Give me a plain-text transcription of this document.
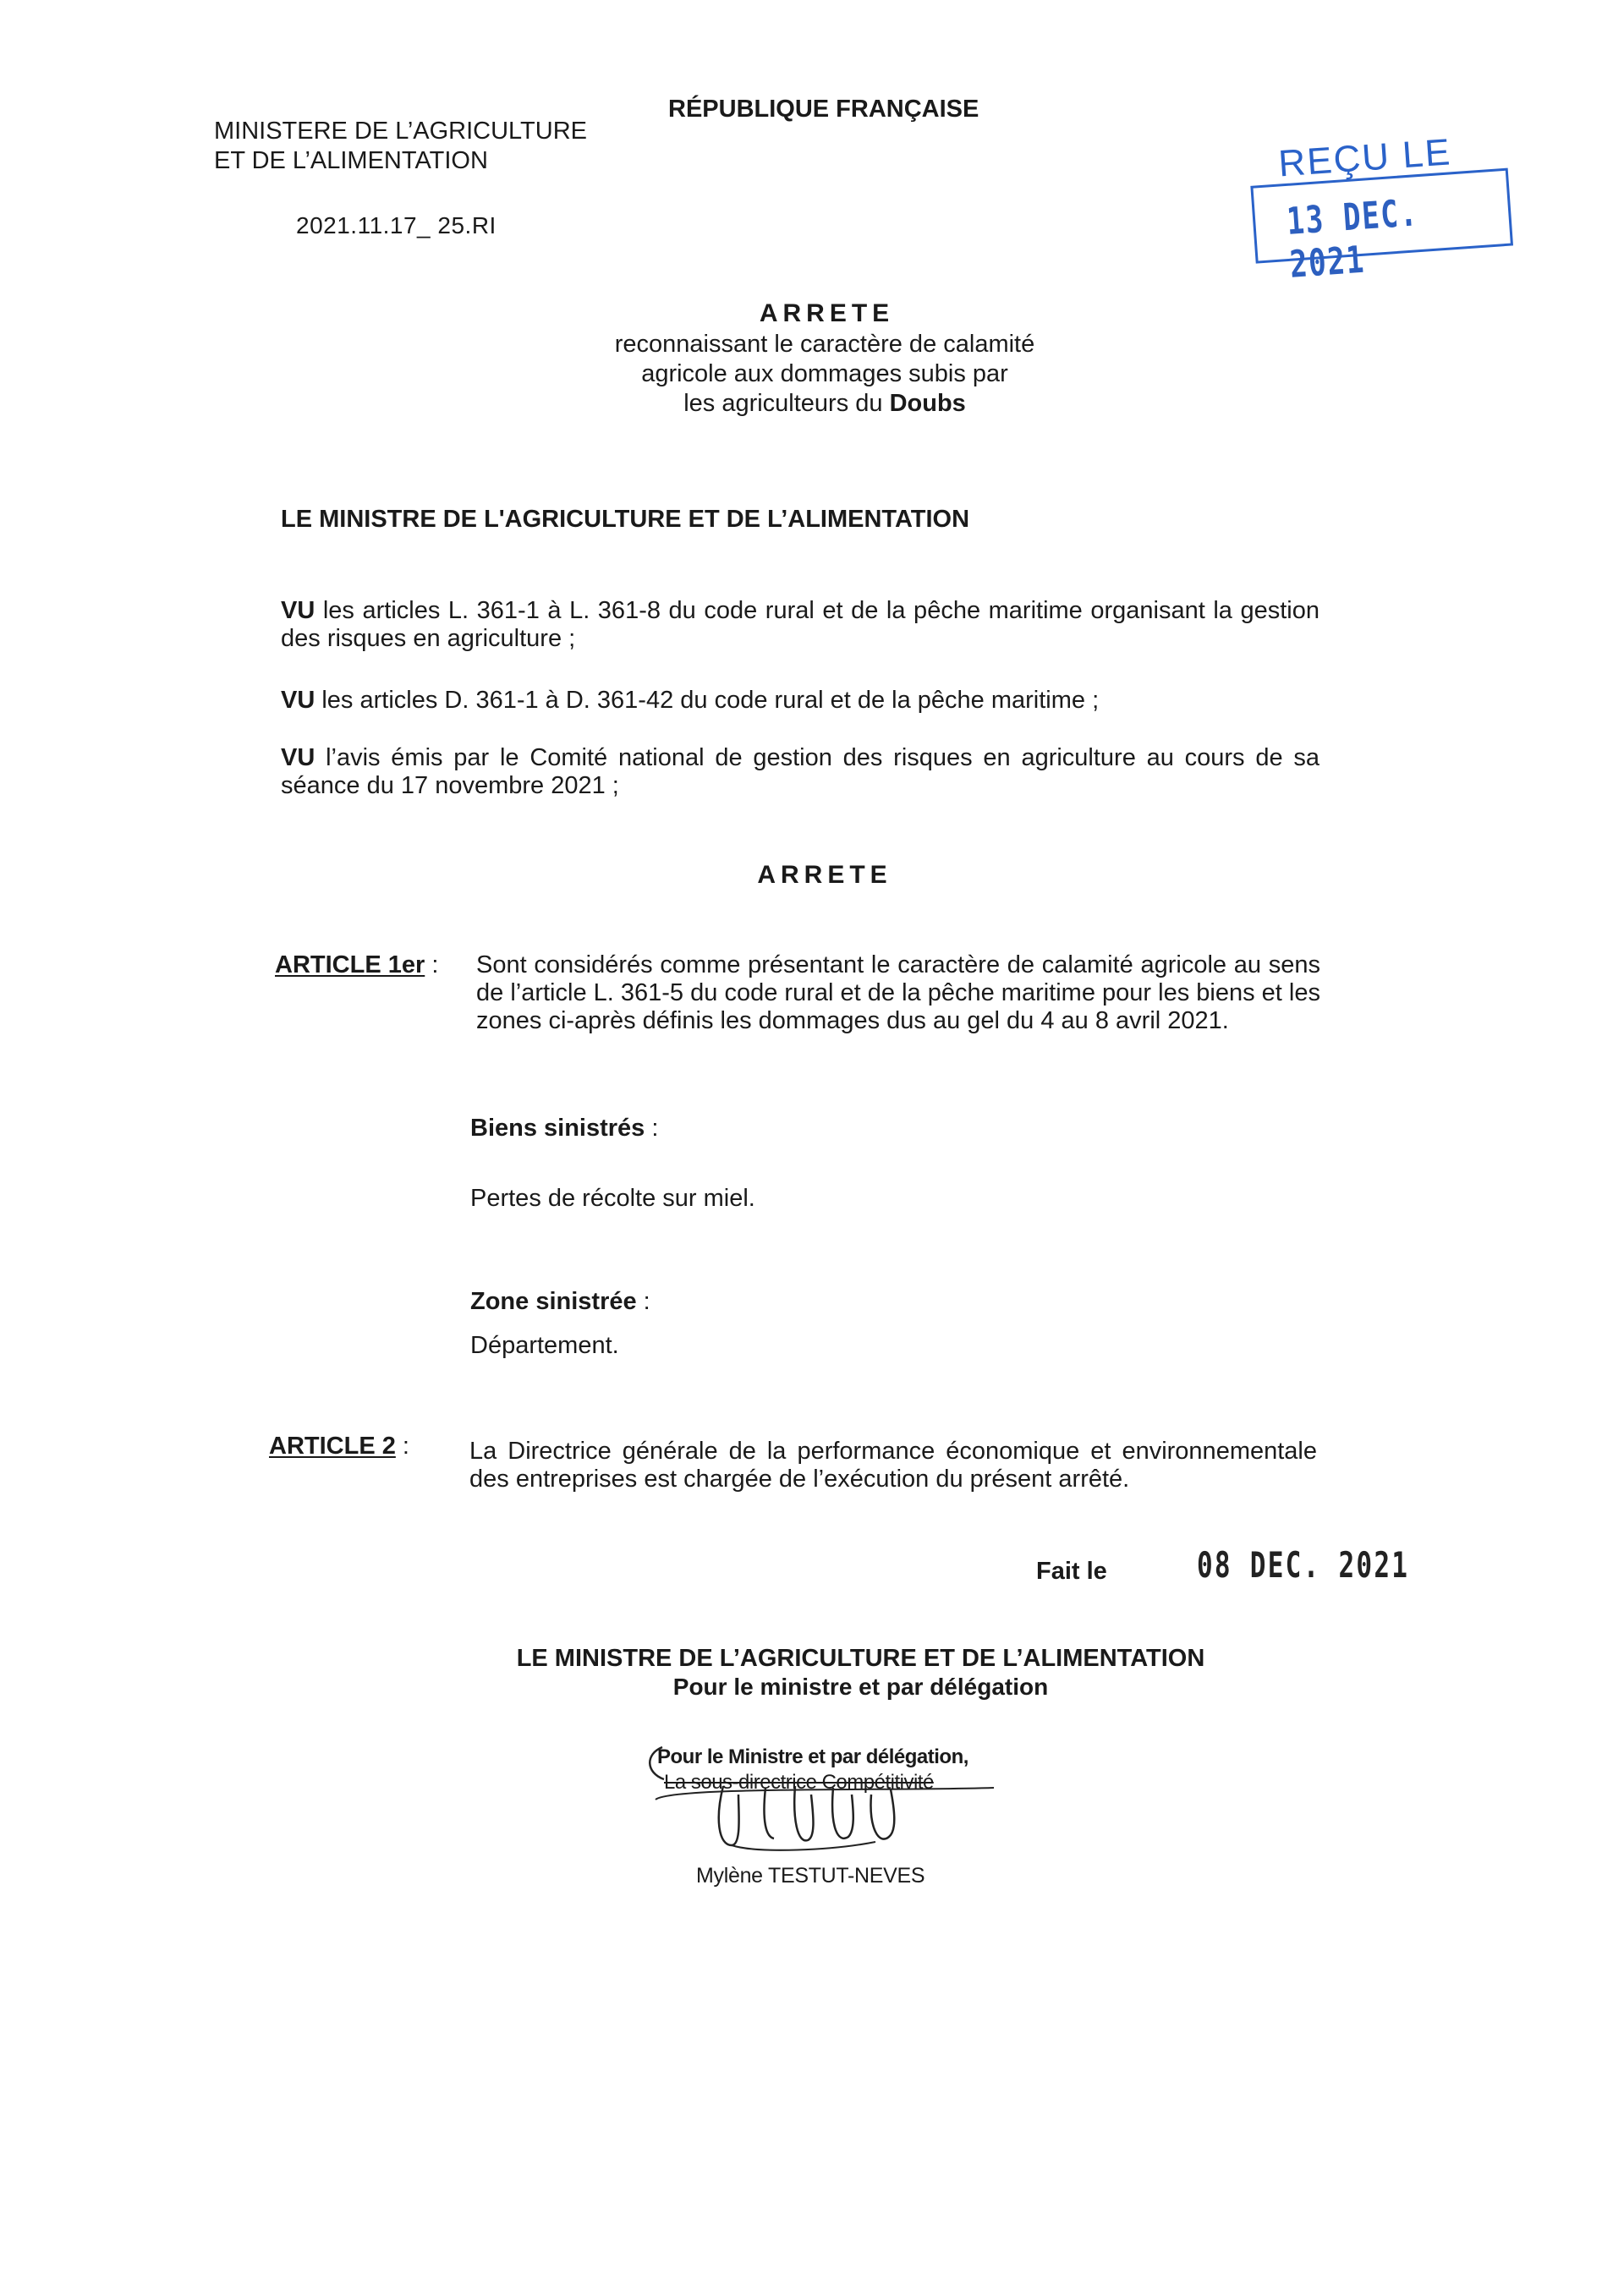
MINISTERE DE L’AGRICULTURE
ET DE L’ALIMENTATION
RÉPUBLIQUE FRANÇAISE
2021.11.17_ 25.RI
REÇU LE
13 DEC. 2021
ARRETE
reconnaissant le caractère de calamité
agricole aux dommages subis par
les agriculteurs du Doubs
LE MINISTRE DE L'AGRICULTURE ET DE L’ALIMENTATION
VU les articles L. 361-1 à L. 361-8 du code rural et de la pêche maritime organisant la gestion des risques en agriculture ;
VU les articles D. 361-1 à D. 361-42 du code rural et de la pêche maritime ;
VU l’avis émis par le Comité national de gestion des risques en agriculture au cours de sa séance du 17 novembre 2021 ;
ARRETE
ARTICLE 1er : Sont considérés comme présentant le caractère de calamité agricole au sens de l’article L. 361-5 du code rural et de la pêche maritime pour les biens et les zones ci-après définis les dommages dus au gel du 4 au 8 avril 2021.
Biens sinistrés :
Pertes de récolte sur miel.
Zone sinistrée :
Département.
ARTICLE 2 : La Directrice générale de la performance économique et environnementale des entreprises est chargée de l’exécution du présent arrêté.
Fait le	08 DEC. 2021
LE MINISTRE DE L’AGRICULTURE ET DE L’ALIMENTATION
Pour le ministre et par délégation
Pour le Ministre et par délégation,
La sous-directrice Compétitivité
Mylène TESTUT-NEVES
